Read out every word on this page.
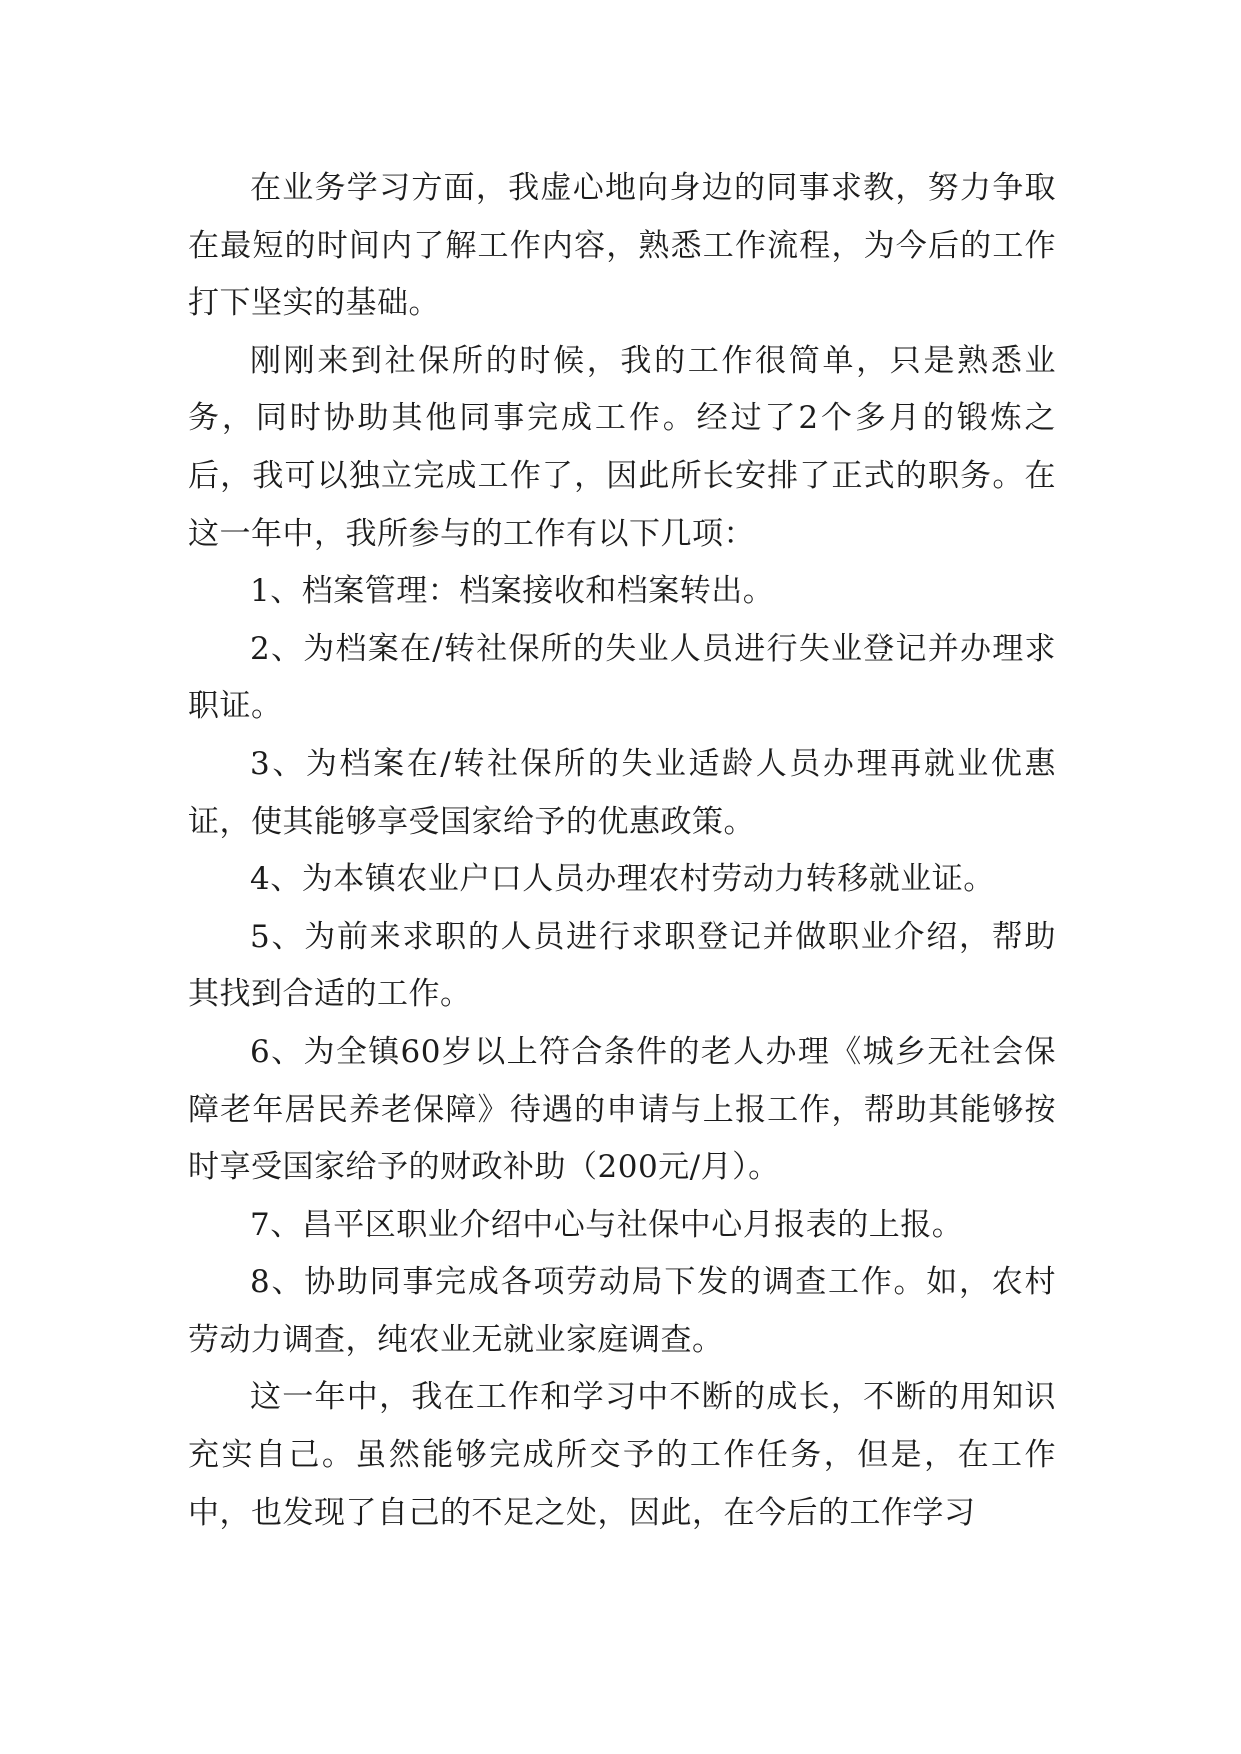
在业务学习方面，我虚心地向身边的同事求教，努力争取在最短的时间内了解工作内容，熟悉工作流程，为今后的工作打下坚实的基础。

刚刚来到社保所的时候，我的工作很简单，只是熟悉业务，同时协助其他同事完成工作。经过了2个多月的锻炼之后，我可以独立完成工作了，因此所长安排了正式的职务。在这一年中，我所参与的工作有以下几项：

1、档案管理：档案接收和档案转出。

2、为档案在/转社保所的失业人员进行失业登记并办理求职证。

3、为档案在/转社保所的失业适龄人员办理再就业优惠证，使其能够享受国家给予的优惠政策。

4、为本镇农业户口人员办理农村劳动力转移就业证。

5、为前来求职的人员进行求职登记并做职业介绍，帮助其找到合适的工作。

6、为全镇60岁以上符合条件的老人办理《城乡无社会保障老年居民养老保障》待遇的申请与上报工作，帮助其能够按时享受国家给予的财政补助（200元/月）。

7、昌平区职业介绍中心与社保中心月报表的上报。

8、协助同事完成各项劳动局下发的调查工作。如，农村劳动力调查，纯农业无就业家庭调查。

这一年中，我在工作和学习中不断的成长，不断的用知识充实自己。虽然能够完成所交予的工作任务，但是，在工作中，也发现了自己的不足之处，因此，在今后的工作学习
